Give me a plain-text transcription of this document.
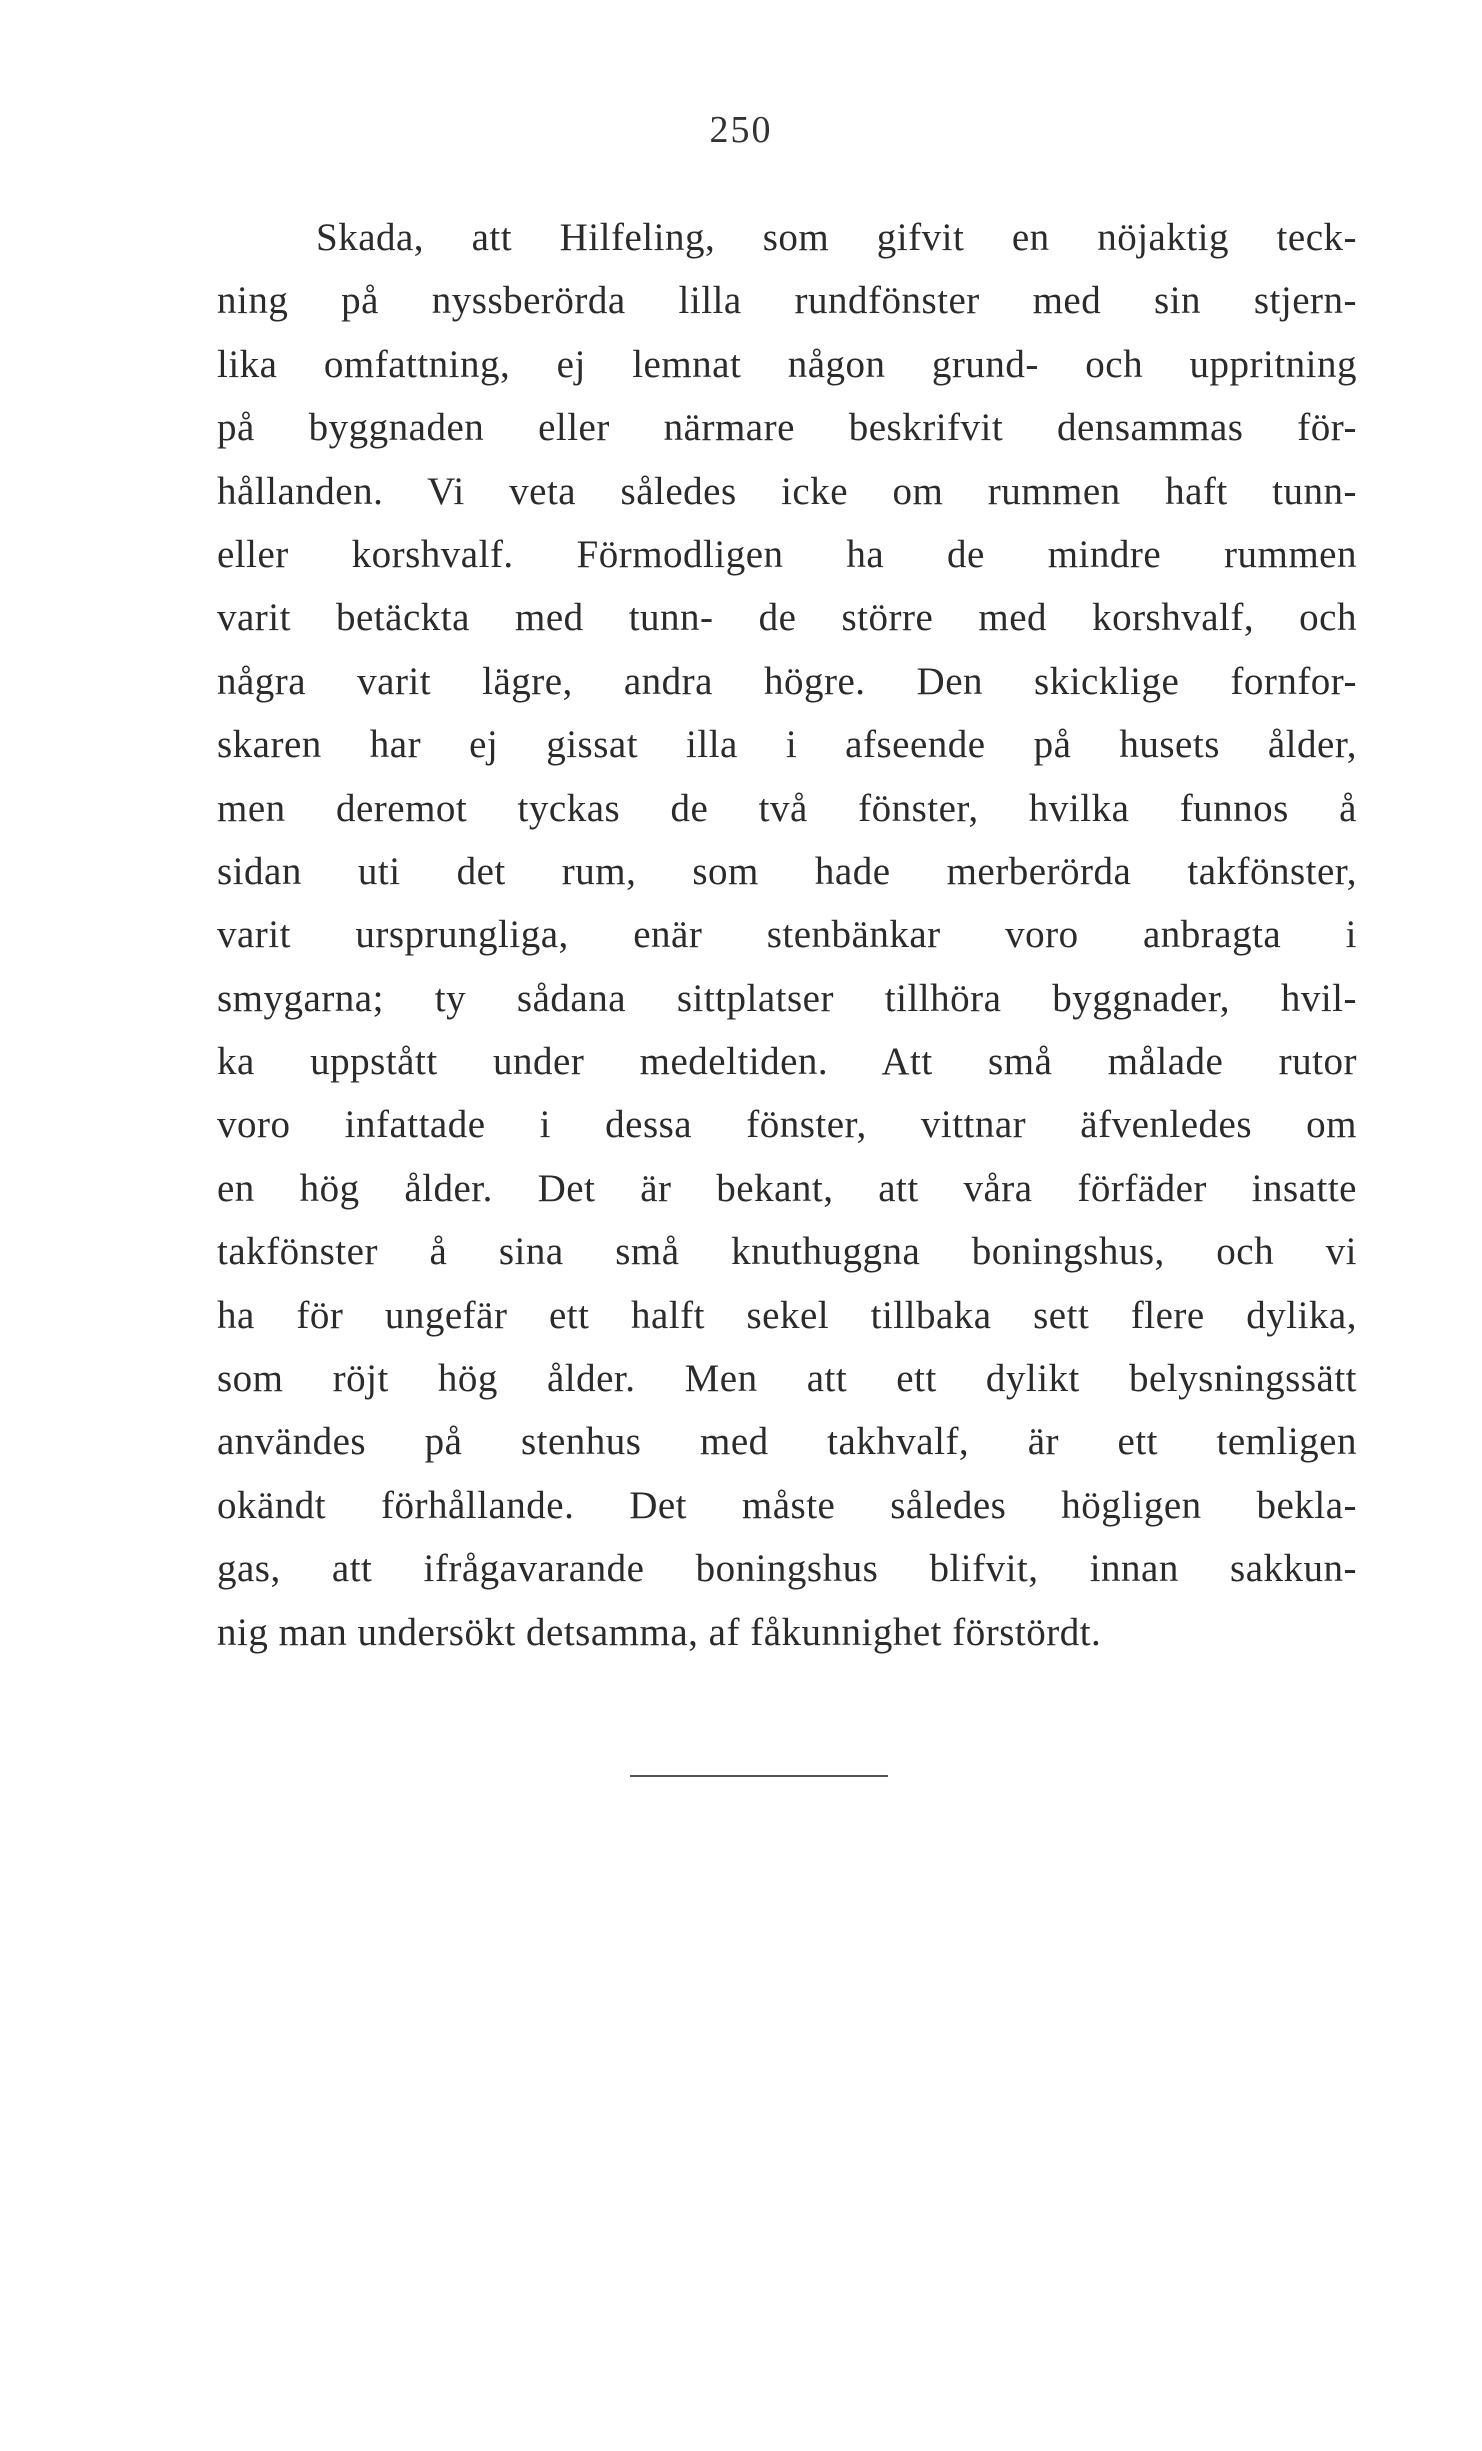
250
Skada, att Hilfeling, som gifvit en nöjaktig teck-
ning på nyssberörda lilla rundfönster med sin stjern-
lika omfattning, ej lemnat någon grund- och uppritning
på byggnaden eller närmare beskrifvit densammas för-
hållanden. Vi veta således icke om rummen haft tunn-
eller korshvalf. Förmodligen ha de mindre rummen
varit betäckta med tunn- de större med korshvalf, och
några varit lägre, andra högre. Den skicklige fornfor-
skaren har ej gissat illa i afseende på husets ålder,
men deremot tyckas de två fönster, hvilka funnos å
sidan uti det rum, som hade merberörda takfönster,
varit ursprungliga, enär stenbänkar voro anbragta i
smygarna; ty sådana sittplatser tillhöra byggnader, hvil-
ka uppstått under medeltiden. Att små målade rutor
voro infattade i dessa fönster, vittnar äfvenledes om
en hög ålder. Det är bekant, att våra förfäder insatte
takfönster å sina små knuthuggna boningshus, och vi
ha för ungefär ett halft sekel tillbaka sett flere dylika,
som röjt hög ålder. Men att ett dylikt belysningssätt
användes på stenhus med takhvalf, är ett temligen
okändt förhållande. Det måste således högligen bekla-
gas, att ifrågavarande boningshus blifvit, innan sakkun-
nig man undersökt detsamma, af fåkunnighet förstördt.
